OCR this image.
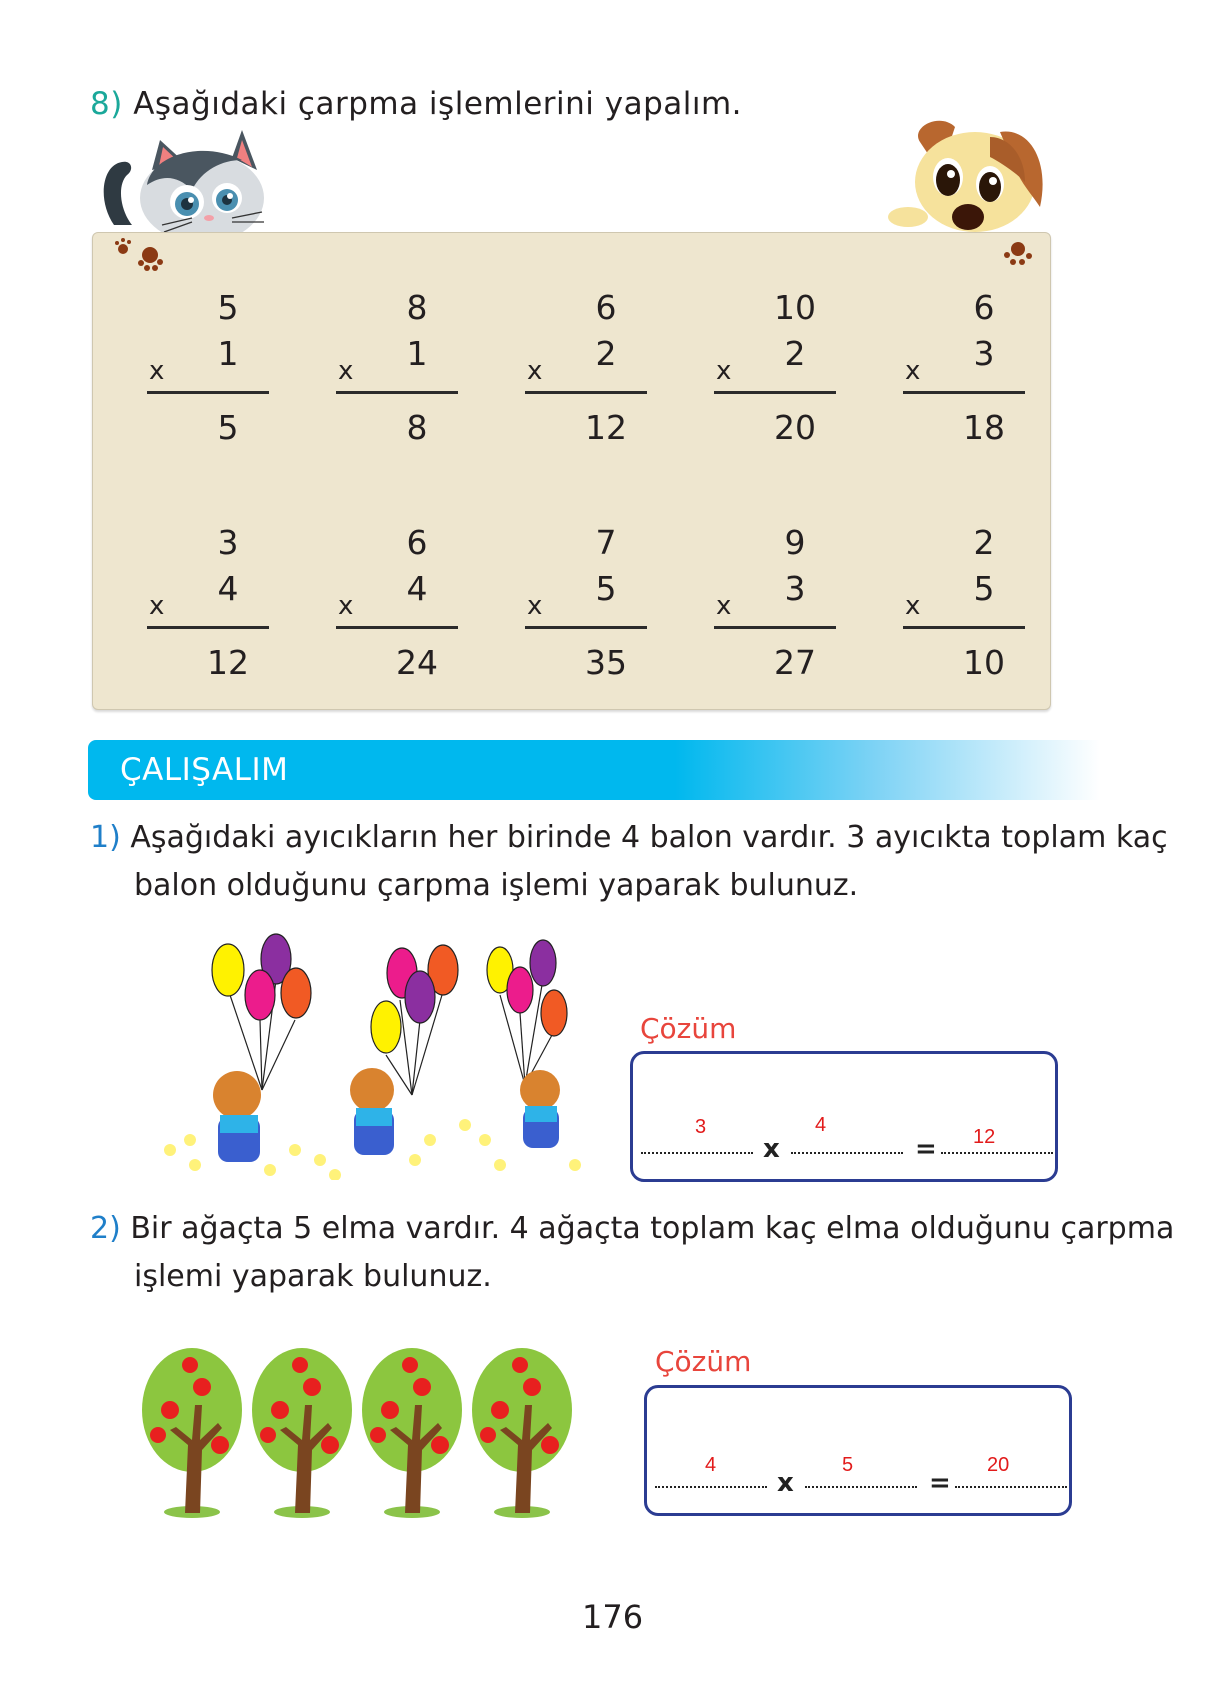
8) Aşağıdaki çarpma işlemlerini yapalım.
5
1
x
5
8
1
x
8
6
2
x
12
10
2
x
20
6
3
x
18
3
4
x
12
6
4
x
24
7
5
x
35
9
3
x
27
2
5
x
10
ÇALIŞALIM
1) Aşağıdaki ayıcıkların her birinde 4 balon vardır. 3 ayıcıkta toplam kaç
balon olduğunu çarpma işlemi yaparak bulunuz.
Çözüm
3
x
4
= 12
2) Bir ağaçta 5 elma vardır. 4 ağaçta toplam kaç elma olduğunu çarpma
işlemi yaparak bulunuz.
Çözüm
4
x
5
=
20
176
